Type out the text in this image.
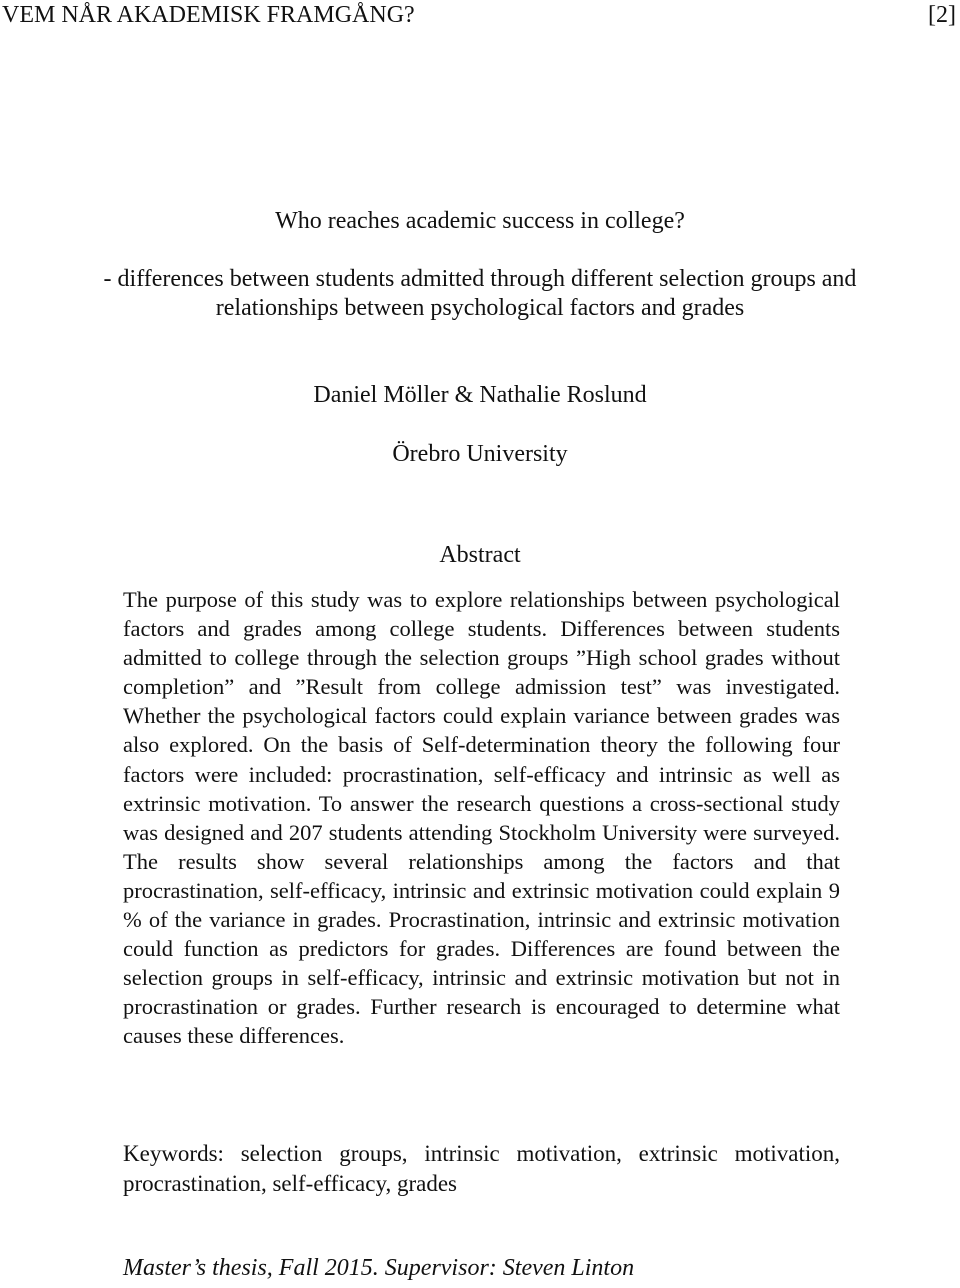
VEM NÅR AKADEMISK FRAMGÅNG?	[2]
Who reaches academic success in college?
- differences between students admitted through different selection groups and
relationships between psychological factors and grades
Daniel Möller & Nathalie Roslund
Örebro University
Abstract
The purpose of this study was to explore relationships between psychological factors and grades among college students. Differences between students admitted to college through the selection groups ”High school grades without completion” and ”Result from college admission test” was investigated. Whether the psychological factors could explain variance between grades was also explored. On the basis of Self-determination theory the following four factors were included: procrastination, self-efficacy and intrinsic as well as extrinsic motivation. To answer the research questions a cross-sectional study was designed and 207 students attending Stockholm University were surveyed. The results show several relationships among the factors and that procrastination, self-efficacy, intrinsic and extrinsic motivation could explain 9 % of the variance in grades. Procrastination, intrinsic and extrinsic motivation could function as predictors for grades. Differences are found between the selection groups in self-efficacy, intrinsic and extrinsic motivation but not in procrastination or grades. Further research is encouraged to determine what causes these differences.
Keywords: selection groups, intrinsic motivation, extrinsic motivation, procrastination, self-efficacy, grades
Master’s thesis, Fall 2015. Supervisor: Steven Linton
